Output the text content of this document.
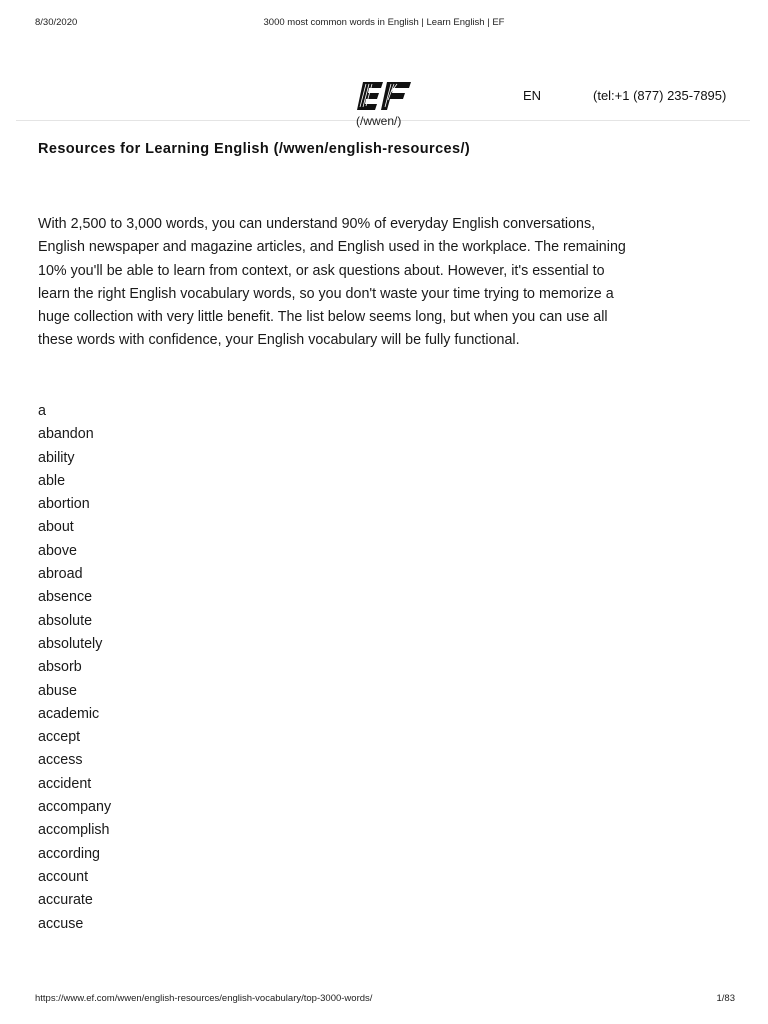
8/30/2020	3000 most common words in English | Learn English | EF
(/wwen/)
EN	(tel:+1 (877) 235-7895)
Resources for Learning English (/wwen/english-resources/)

With 2,500 to 3,000 words, you can understand 90% of everyday English conversations, English newspaper and magazine articles, and English used in the workplace. The remaining 10% you'll be able to learn from context, or ask questions about. However, it's essential to learn the right English vocabulary words, so you don't waste your time trying to memorize a huge collection with very little benefit. The list below seems long, but when you can use all these words with confidence, your English vocabulary will be fully functional.

a
abandon
ability
able
abortion
about
above
abroad
absence
absolute
absolutely
absorb
abuse
academic
accept
access
accident
accompany
accomplish
according
account
accurate
accuse
https://www.ef.com/wwen/english-resources/english-vocabulary/top-3000-words/	1/83
